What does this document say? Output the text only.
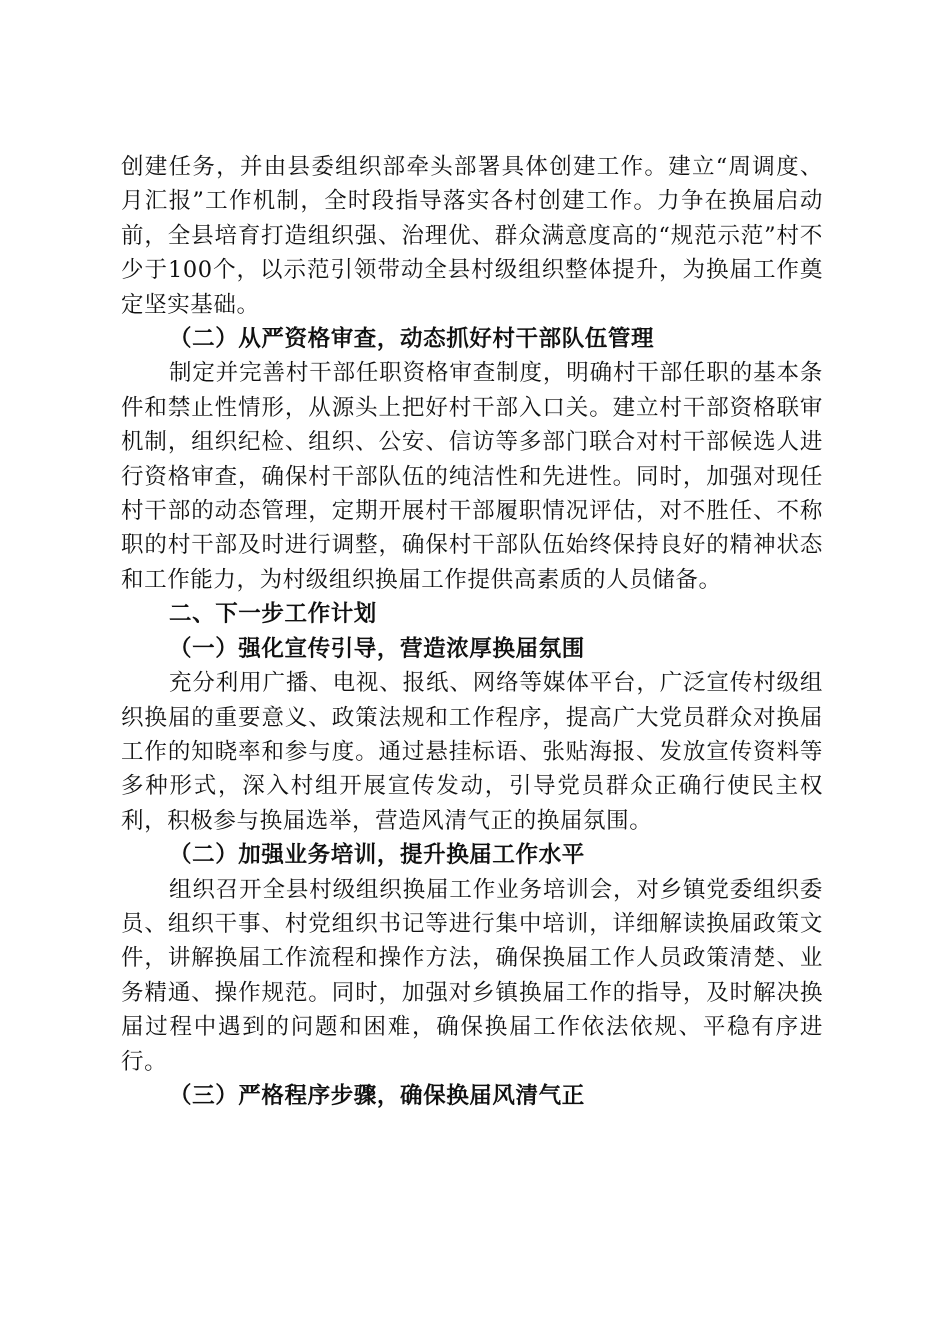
创建任务，并由县委组织部牵头部署具体创建工作。建立“周调度、月汇报”工作机制，全时段指导落实各村创建工作。力争在换届启动前，全县培育打造组织强、治理优、群众满意度高的“规范示范”村不少于100个，以示范引领带动全县村级组织整体提升，为换届工作奠定坚实基础。

（二）从严资格审查，动态抓好村干部队伍管理

制定并完善村干部任职资格审查制度，明确村干部任职的基本条件和禁止性情形，从源头上把好村干部入口关。建立村干部资格联审机制，组织纪检、组织、公安、信访等多部门联合对村干部候选人进行资格审查，确保村干部队伍的纯洁性和先进性。同时，加强对现任村干部的动态管理，定期开展村干部履职情况评估，对不胜任、不称职的村干部及时进行调整，确保村干部队伍始终保持良好的精神状态和工作能力，为村级组织换届工作提供高素质的人员储备。

二、下一步工作计划

（一）强化宣传引导，营造浓厚换届氛围

充分利用广播、电视、报纸、网络等媒体平台，广泛宣传村级组织换届的重要意义、政策法规和工作程序，提高广大党员群众对换届工作的知晓率和参与度。通过悬挂标语、张贴海报、发放宣传资料等多种形式，深入村组开展宣传发动，引导党员群众正确行使民主权利，积极参与换届选举，营造风清气正的换届氛围。

（二）加强业务培训，提升换届工作水平

组织召开全县村级组织换届工作业务培训会，对乡镇党委组织委员、组织干事、村党组织书记等进行集中培训，详细解读换届政策文件，讲解换届工作流程和操作方法，确保换届工作人员政策清楚、业务精通、操作规范。同时，加强对乡镇换届工作的指导，及时解决换届过程中遇到的问题和困难，确保换届工作依法依规、平稳有序进行。

（三）严格程序步骤，确保换届风清气正
